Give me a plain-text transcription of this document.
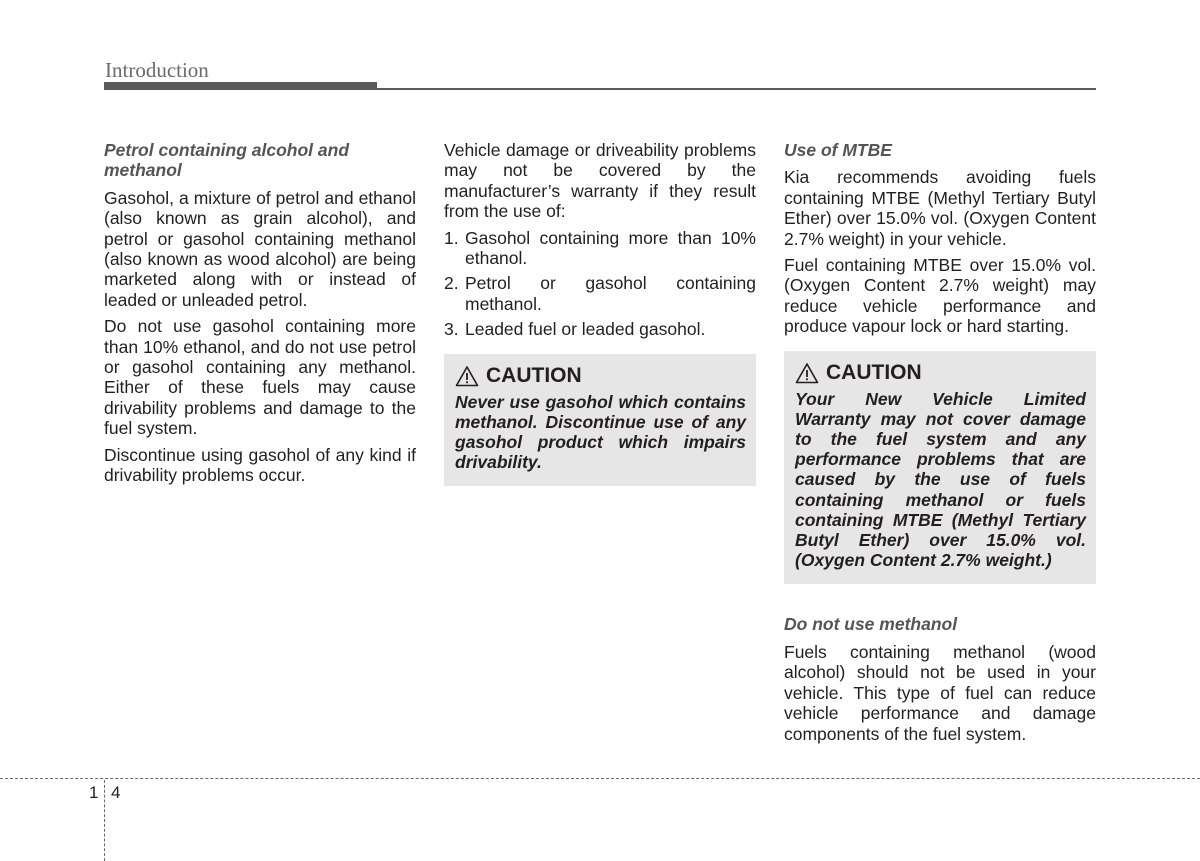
Introduction
Petrol containing alcohol and methanol

Gasohol, a mixture of petrol and ethanol (also known as grain alcohol), and petrol or gasohol containing methanol (also known as wood alcohol) are being marketed along with or instead of leaded or unleaded petrol.

Do not use gasohol containing more than 10% ethanol, and do not use petrol or gasohol containing any methanol. Either of these fuels may cause drivability problems and damage to the fuel system.

Discontinue using gasohol of any kind if drivability problems occur.

Vehicle damage or driveability problems may not be covered by the manufacturer’s warranty if they result from the use of:

1. Gasohol containing more than 10% ethanol.
2. Petrol or gasohol containing methanol.
3. Leaded fuel or leaded gasohol.
CAUTION
Never use gasohol which contains methanol. Discontinue use of any gasohol product which impairs drivability.
Use of MTBE

Kia recommends avoiding fuels containing MTBE (Methyl Tertiary Butyl Ether) over 15.0% vol. (Oxygen Content 2.7% weight) in your vehicle.

Fuel containing MTBE over 15.0% vol. (Oxygen Content 2.7% weight) may reduce vehicle performance and produce vapour lock or hard starting.

CAUTION
Your New Vehicle Limited Warranty may not cover damage to the fuel system and any performance problems that are caused by the use of fuels containing methanol or fuels containing MTBE (Methyl Tertiary Butyl Ether) over 15.0% vol. (Oxygen Content 2.7% weight.)
Do not use methanol

Fuels containing methanol (wood alcohol) should not be used in your vehicle. This type of fuel can reduce vehicle performance and damage components of the fuel system.

1 4
